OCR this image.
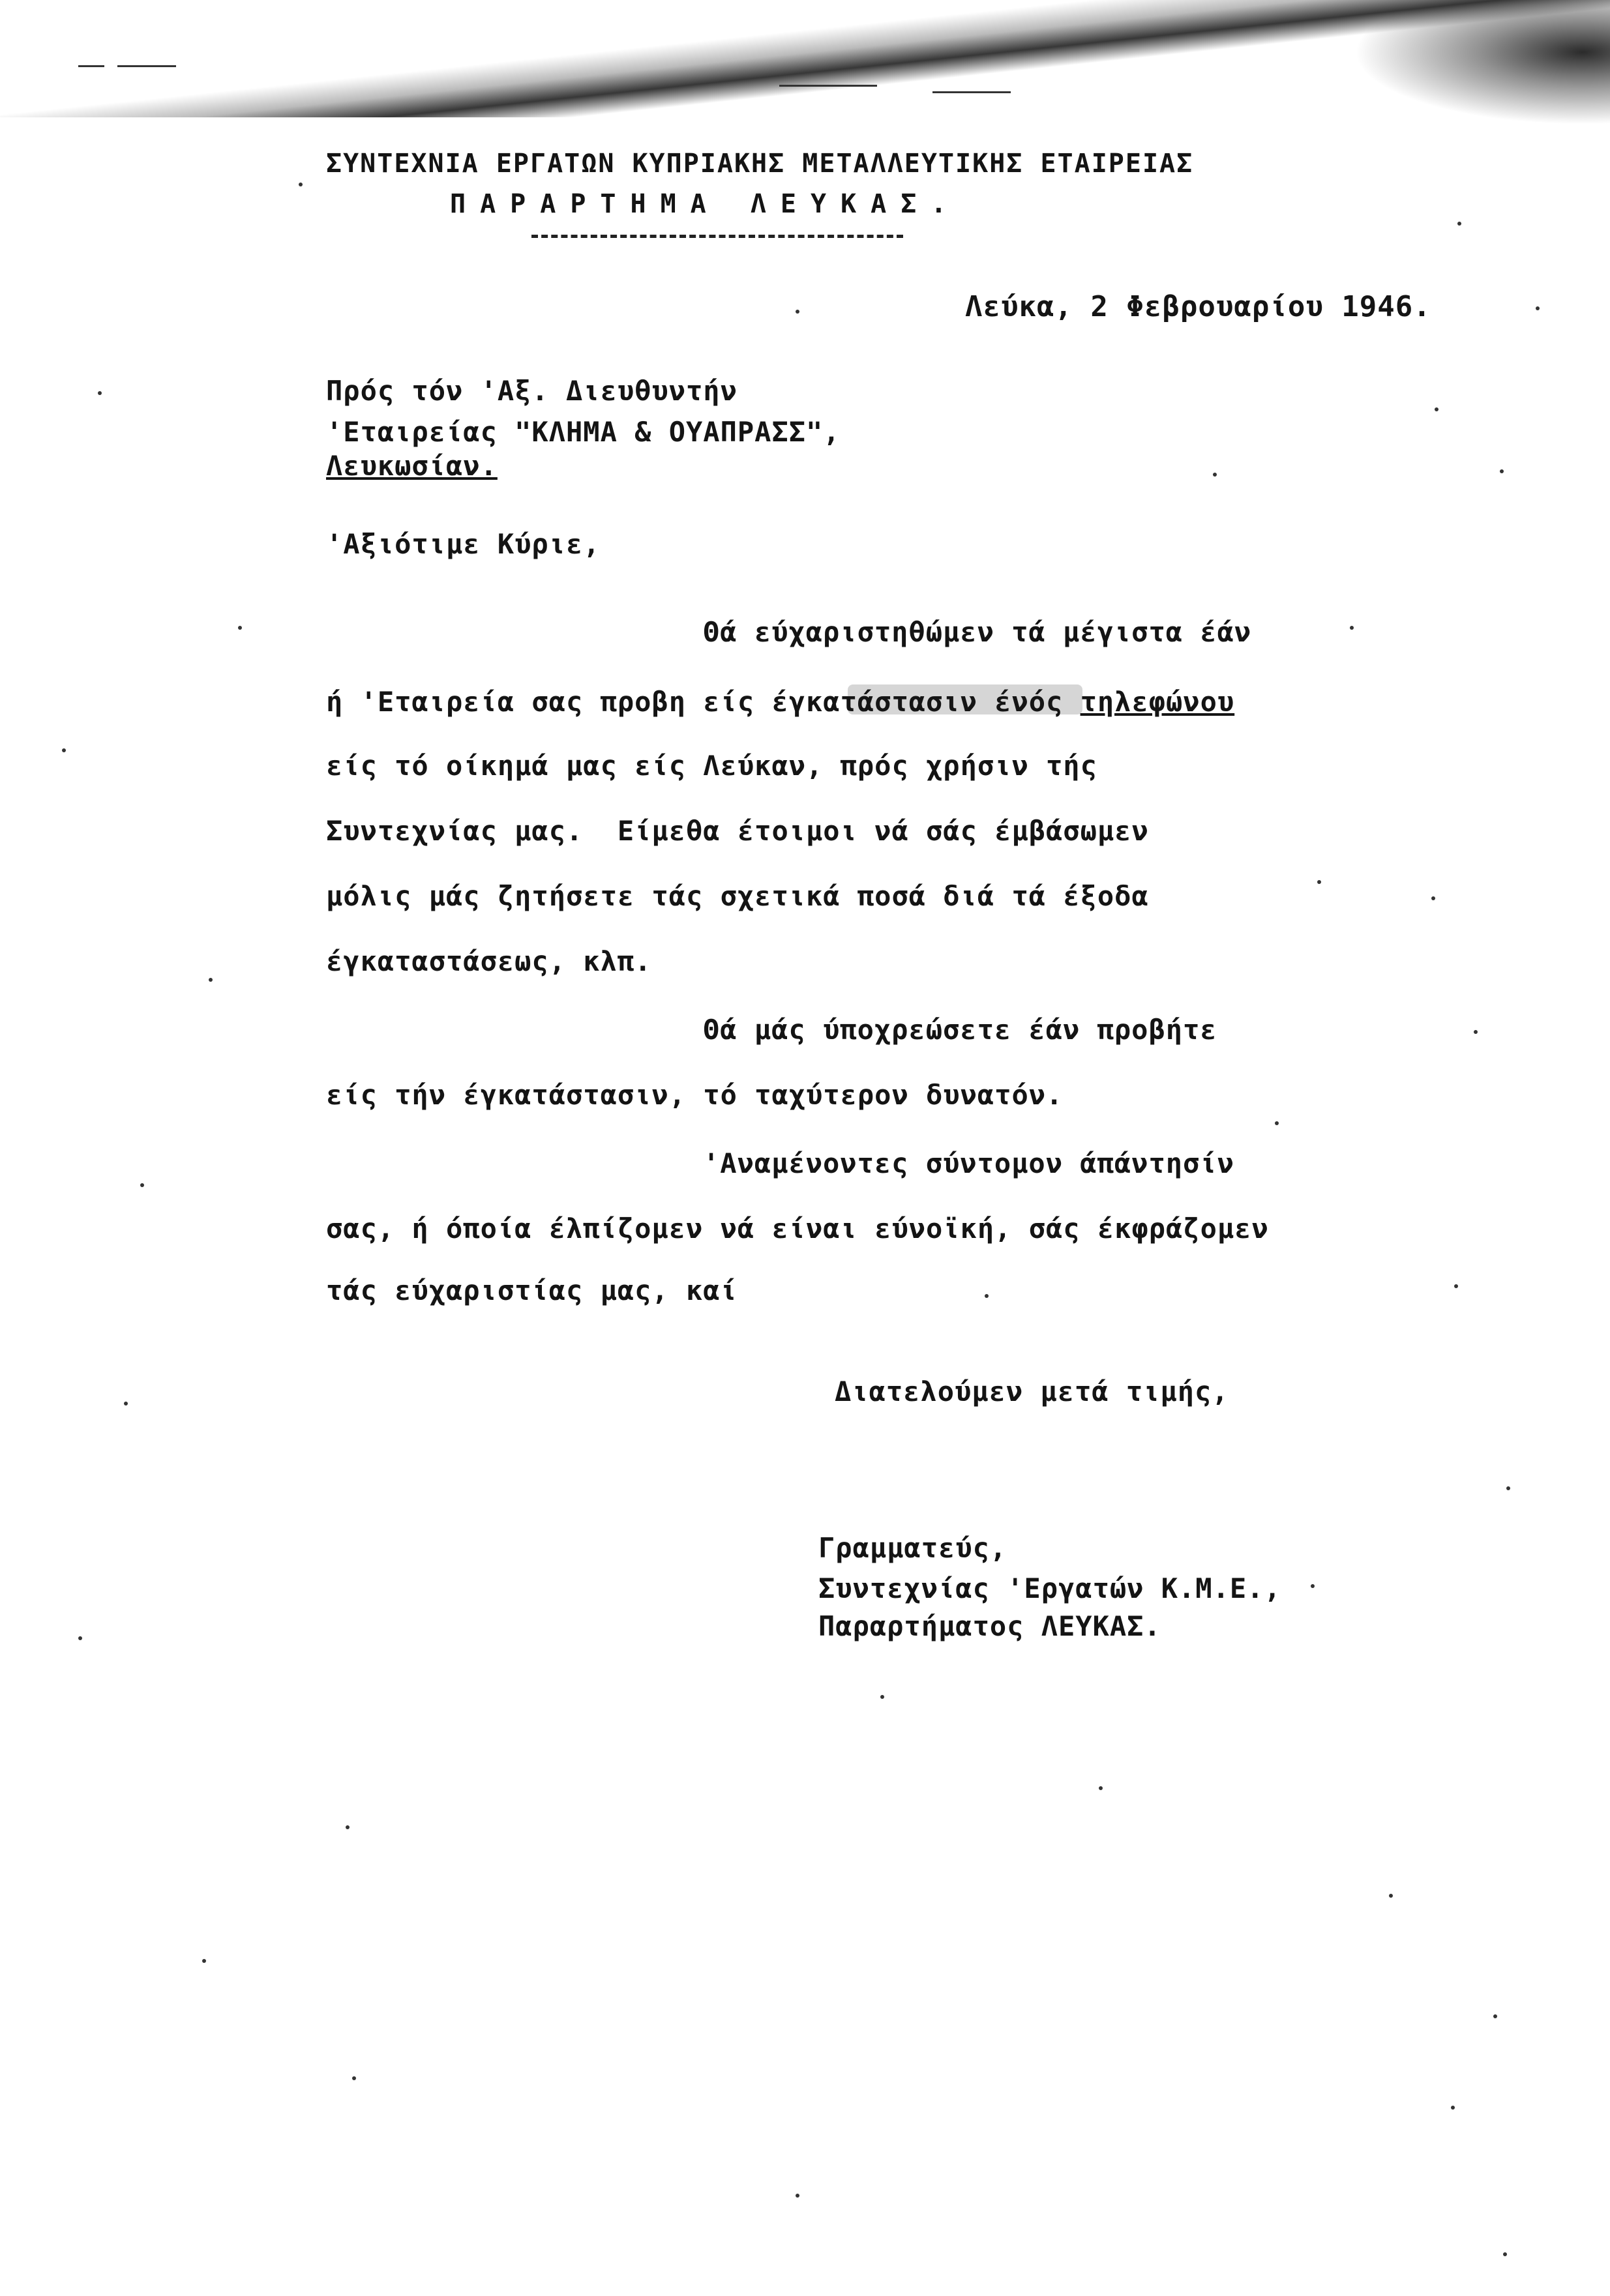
ΣΥΝΤΕΧΝΙΑ ΕΡΓΑΤΩΝ ΚΥΠΡΙΑΚΗΣ ΜΕΤΑΛΛΕΥΤΙΚΗΣ ΕΤΑΙΡΕΙΑΣ
ΠΑΡΑΡΤΗΜΑ ΛΕΥΚΑΣ.
Λεύκα, 2 Φεβρουαρίου 1946.
Πρός τόν 'Αξ. Διευθυντήν
'Εταιρείας "ΚΛΗΜΑ & ΟΥΑΠΡΑΣΣ",
Λευκωσίαν.
'Αξιότιμε Κύριε,
Θά εύχαριστηθώμεν τά μέγιστα έάν
ή 'Εταιρεία σας προβη είς έγκατάστασιν ένός τηλεφώνου
είς τό οίκημά μας είς Λεύκαν, πρός χρήσιν τής
Συντεχνίας μας.  Είμεθα έτοιμοι νά σάς έμβάσωμεν
μόλις μάς ζητήσετε τάς σχετικά ποσά διά τά έξοδα
έγκαταστάσεως, κλπ.
Θά μάς ύποχρεώσετε έάν προβήτε
είς τήν έγκατάστασιν, τό ταχύτερον δυνατόν.
'Αναμένοντες σύντομον άπάντησίν
σας, ή όποία έλπίζομεν νά είναι εύνοϊκή, σάς έκφράζομεν
τάς εύχαριστίας μας, καί
Διατελούμεν μετά τιμής,
Γραμματεύς,
Συντεχνίας 'Εργατών Κ.Μ.Ε.,
Παραρτήματος ΛΕΥΚΑΣ.
